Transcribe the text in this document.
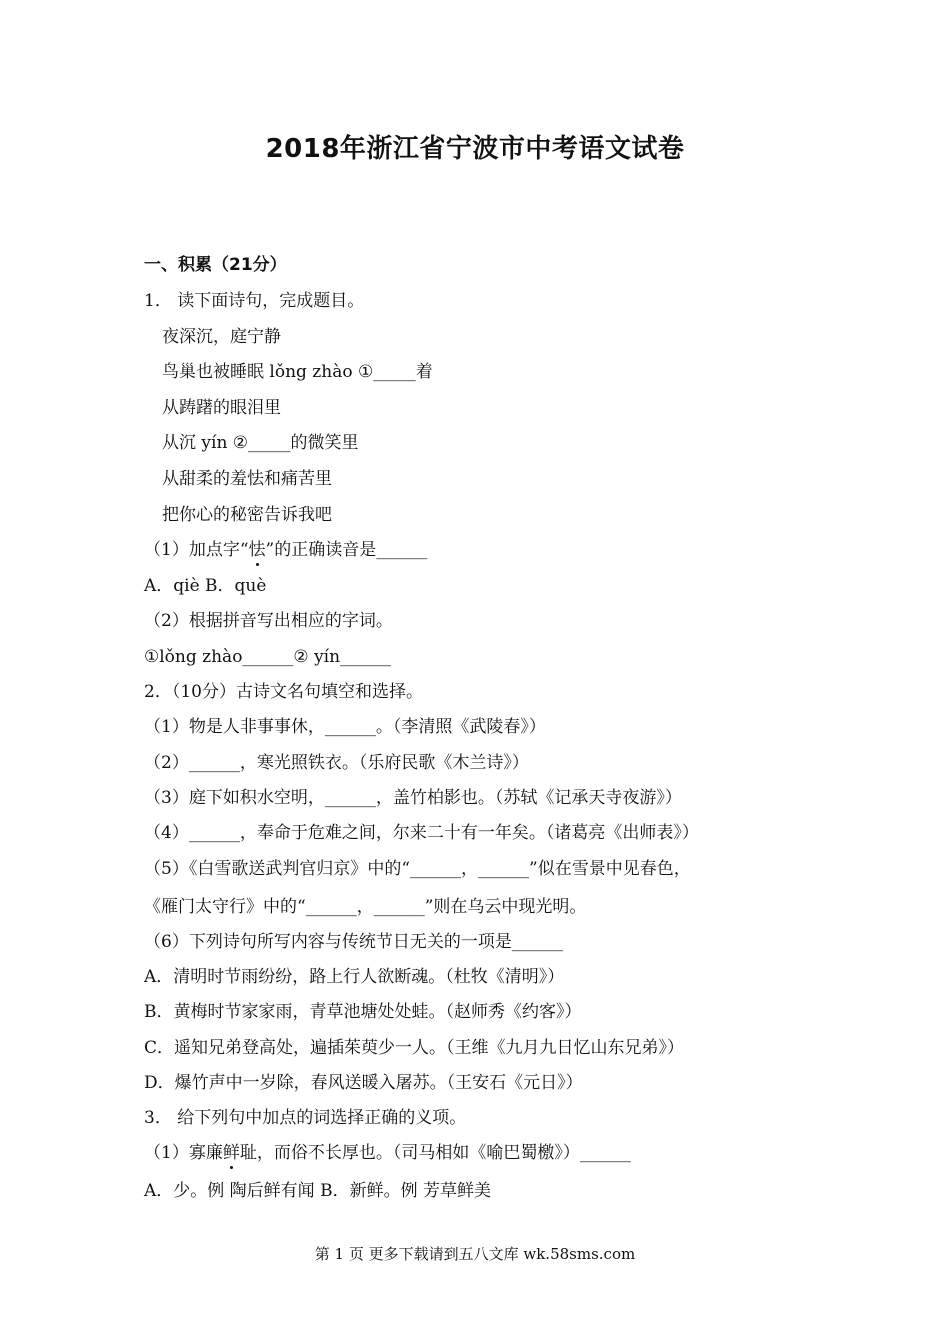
2018年浙江省宁波市中考语文试卷
一、积累（21分）
1． 读下面诗句，完成题目。
夜深沉，庭宁静
鸟巢也被睡眠 lǒng zhào ①_____着
从踌躇的眼泪里
从沉 yín ②_____的微笑里
从甜柔的羞怯和痛苦里
把你心的秘密告诉我吧
（1）加点字“怯”的正确读音是______
A．qiè B．què
（2）根据拼音写出相应的字词。
①lǒng zhào______② yín______
2．（10分）古诗文名句填空和选择。
（1）物是人非事事休，______。（李清照《武陵春》）
（2）______，寒光照铁衣。（乐府民歌《木兰诗》）
（3）庭下如积水空明，______，盖竹柏影也。（苏轼《记承天寺夜游》）
（4）______，奉命于危难之间，尔来二十有一年矣。（诸葛亮《出师表》）
（5）《白雪歌送武判官归京》中的“______，______”似在雪景中见春色，
《雁门太守行》中的“______，______”则在乌云中现光明。
（6）下列诗句所写内容与传统节日无关的一项是______
A．清明时节雨纷纷，路上行人欲断魂。（杜牧《清明》）
B．黄梅时节家家雨，青草池塘处处蛙。（赵师秀《约客》）
C．遥知兄弟登高处，遍插茱萸少一人。（王维《九月九日忆山东兄弟》）
D．爆竹声中一岁除，春风送暖入屠苏。（王安石《元日》）
3． 给下列句中加点的词选择正确的义项。
（1）寡廉鲜耻，而俗不长厚也。（司马相如《喻巴蜀檄》）______
A．少。例 陶后鲜有闻 B．新鲜。例 芳草鲜美
第 1 页 更多下载请到五八文库 wk.58sms.com
